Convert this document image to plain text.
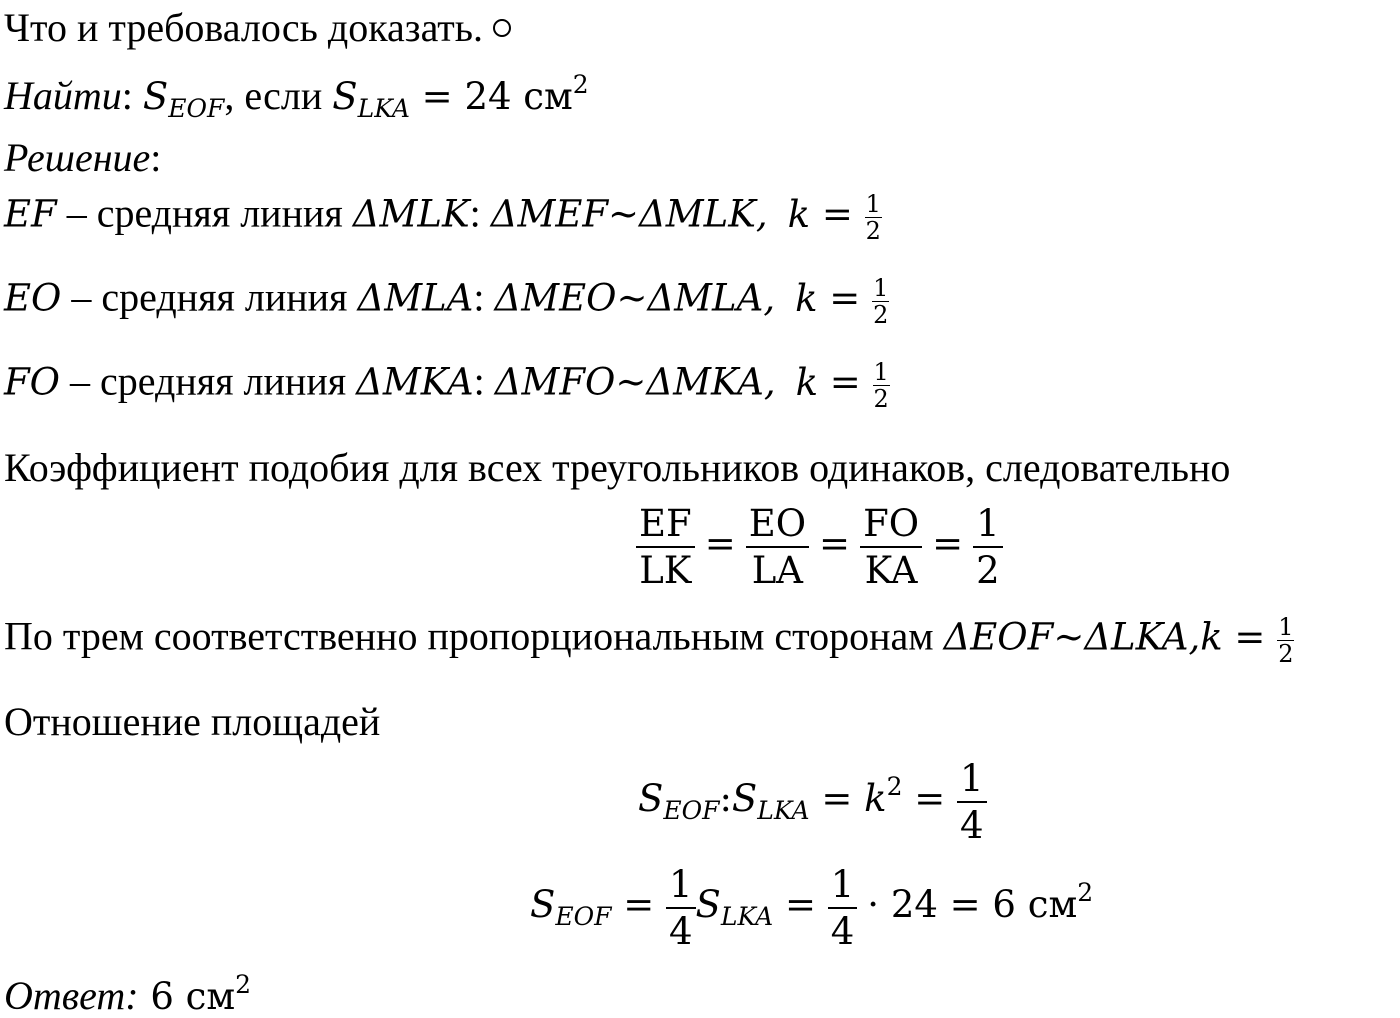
Что и требовалось доказать.
Найти: $S_{EOF}$, если $S_{LKA} = 24$ $см^2$
Решение:
EF – средняя линия ΔMLK: ΔMEF~ΔMLK, $k = \frac{1}{2}$
EO – средняя линия ΔMLA: ΔMEO~ΔMLA, $k = \frac{1}{2}$
FO – средняя линия ΔMKA: ΔMFO~ΔMKA, $k = \frac{1}{2}$
Коэффициент подобия для всех треугольников одинаков, следовательно
$\frac{EF}{LK} = \frac{EO}{LA} = \frac{FO}{KA} = \frac{1}{2}$
По трем соответственно пропорциональным сторонам ΔEOF~ΔLKA,k = $\frac{1}{2}$
Отношение площадей
$S_{EOF}:S_{LKA} = k^2 = \frac{1}{4}$
$S_{EOF} = \frac{1}{4} S_{LKA} = \frac{1}{4} \cdot 24 = 6$ $см^2$
Ответ: 6 $см^2$
